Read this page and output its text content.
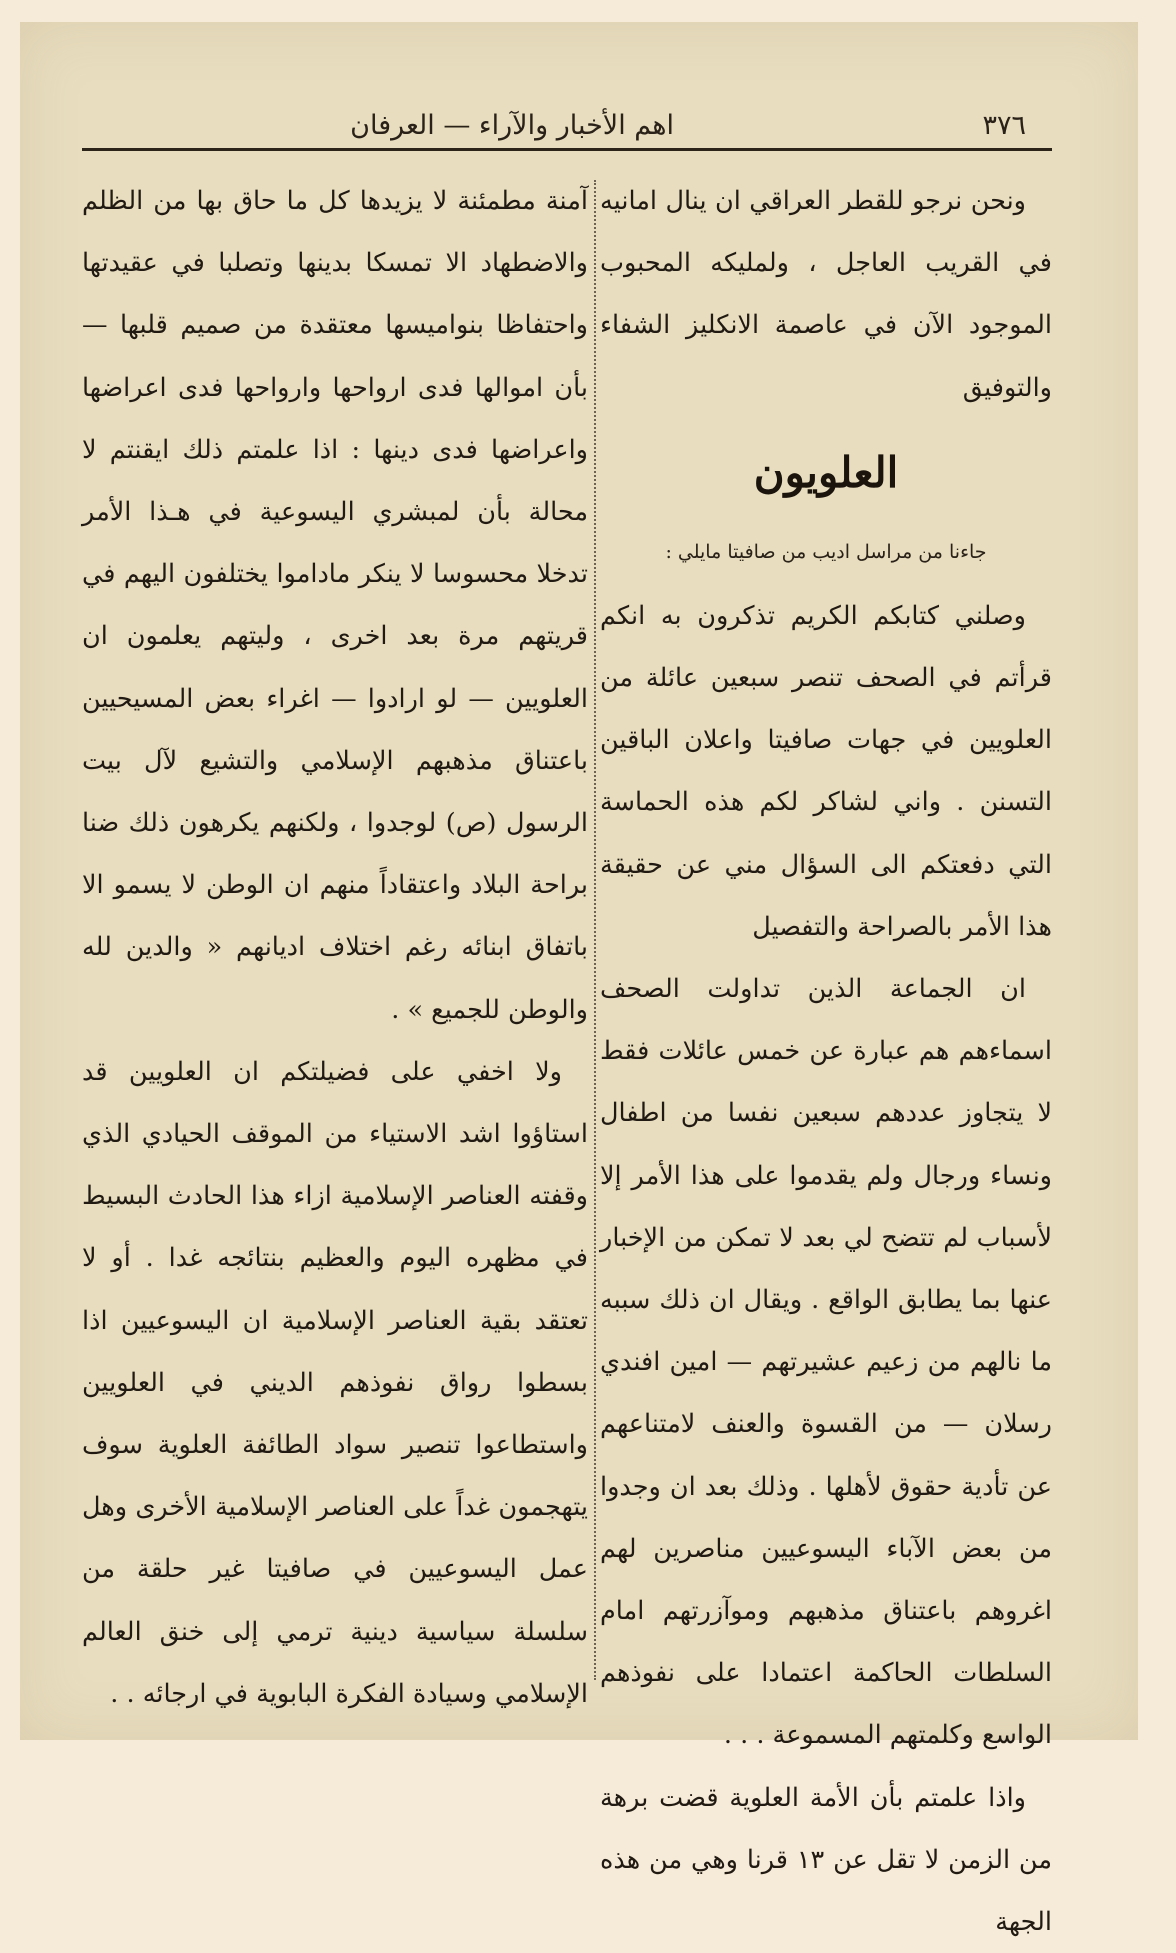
٣٧٦
اهم الأخبار والآراء — العرفان

ونحن نرجو للقطر العراقي ان ينال امانيه في القريب العاجل ، ولمليكه المحبوب الموجود الآن في عاصمة الانكليز الشفاء والتوفيق

العلويون
جاءنا من مراسل اديب من صافيتا مايلي :

وصلني كتابكم الكريم تذكرون به انكم قرأتم في الصحف تنصر سبعين عائلة من العلويين في جهات صافيتا واعلان الباقين التسنن . واني لشاكر لكم هذه الحماسة التي دفعتكم الى السؤال مني عن حقيقة هذا الأمر بالصراحة والتفصيل

ان الجماعة الذين تداولت الصحف اسماءهم هم عبارة عن خمس عائلات فقط لا يتجاوز عددهم سبعين نفسا من اطفال ونساء ورجال ولم يقدموا على هذا الأمر إلا لأسباب لم تتضح لي بعد لا تمكن من الإخبار عنها بما يطابق الواقع . ويقال ان ذلك سببه ما نالهم من زعيم عشيرتهم — امين افندي رسلان — من القسوة والعنف لامتناعهم عن تأدية حقوق لأهلها . وذلك بعد ان وجدوا من بعض الآباء اليسوعيين مناصرين لهم اغروهم باعتناق مذهبهم وموآزرتهم امام السلطات الحاكمة اعتمادا على نفوذهم الواسع وكلمتهم المسموعة . . .

واذا علمتم بأن الأمة العلوية قضت برهة من الزمن لا تقل عن ١٣ قرنا وهي من هذه الجهة

آمنة مطمئنة لا يزيدها كل ما حاق بها من الظلم والاضطهاد الا تمسكا بدينها وتصلبا في عقيدتها واحتفاظا بنواميسها معتقدة من صميم قلبها — بأن اموالها فدى ارواحها وارواحها فدى اعراضها واعراضها فدى دينها : اذا علمتم ذلك ايقنتم لا محالة بأن لمبشري اليسوعية في هـذا الأمر تدخلا محسوسا لا ينكر ماداموا يختلفون اليهم في قريتهم مرة بعد اخرى ، وليتهم يعلمون ان العلويين — لو ارادوا — اغراء بعض المسيحيين باعتناق مذهبهم الإسلامي والتشيع لآل بيت الرسول (ص) لوجدوا ، ولكنهم يكرهون ذلك ضنا براحة البلاد واعتقاداً منهم ان الوطن لا يسمو الا باتفاق ابنائه رغم اختلاف اديانهم « والدين لله والوطن للجميع » .

ولا اخفي على فضيلتكم ان العلويين قد استاؤوا اشد الاستياء من الموقف الحيادي الذي وقفته العناصر الإسلامية ازاء هذا الحادث البسيط في مظهره اليوم والعظيم بنتائجه غدا . أو لا تعتقد بقية العناصر الإسلامية ان اليسوعيين اذا بسطوا رواق نفوذهم الديني في العلويين واستطاعوا تنصير سواد الطائفة العلوية سوف يتهجمون غداً على العناصر الإسلامية الأخرى وهل عمل اليسوعيين في صافيتا غير حلقة من سلسلة سياسية دينية ترمي إلى خنق العالم الإسلامي وسيادة الفكرة البابوية في ارجائه . .
